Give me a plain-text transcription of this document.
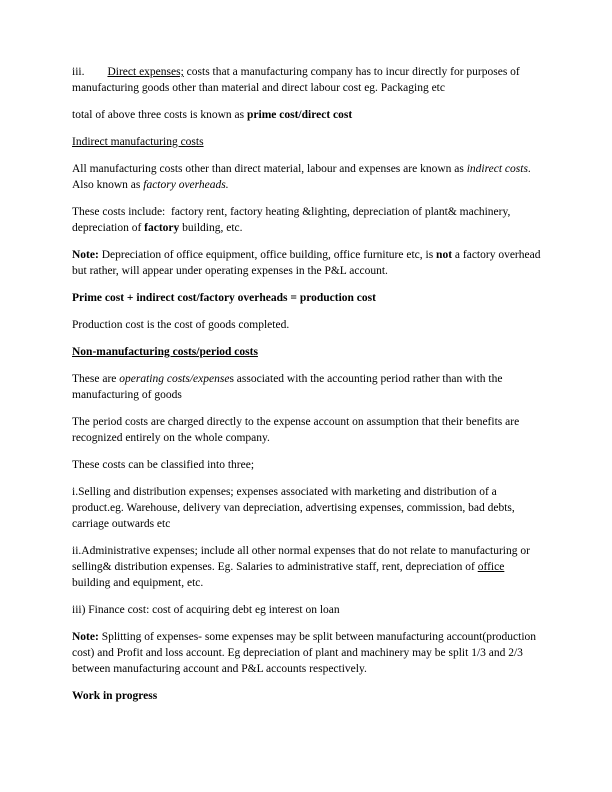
iii.        Direct expenses; costs that a manufacturing company has to incur directly for purposes of manufacturing goods other than material and direct labour cost eg. Packaging etc

total of above three costs is known as prime cost/direct cost

Indirect manufacturing costs

All manufacturing costs other than direct material, labour and expenses are known as indirect costs. Also known as factory overheads.

These costs include:  factory rent, factory heating &lighting, depreciation of plant& machinery, depreciation of factory building, etc.

Note: Depreciation of office equipment, office building, office furniture etc, is not a factory overhead but rather, will appear under operating expenses in the P&L account.

Prime cost + indirect cost/factory overheads = production cost

Production cost is the cost of goods completed.

Non-manufacturing costs/period costs

These are operating costs/expenses associated with the accounting period rather than with the manufacturing of goods

The period costs are charged directly to the expense account on assumption that their benefits are recognized entirely on the whole company.

These costs can be classified into three;

i.Selling and distribution expenses; expenses associated with marketing and distribution of a product.eg. Warehouse, delivery van depreciation, advertising expenses, commission, bad debts, carriage outwards etc

ii.Administrative expenses; include all other normal expenses that do not relate to manufacturing or selling& distribution expenses. Eg. Salaries to administrative staff, rent, depreciation of office building and equipment, etc.

iii) Finance cost: cost of acquiring debt eg interest on loan

Note: Splitting of expenses- some expenses may be split between manufacturing account(production cost) and Profit and loss account. Eg depreciation of plant and machinery may be split 1/3 and 2/3 between manufacturing account and P&L accounts respectively.

Work in progress
